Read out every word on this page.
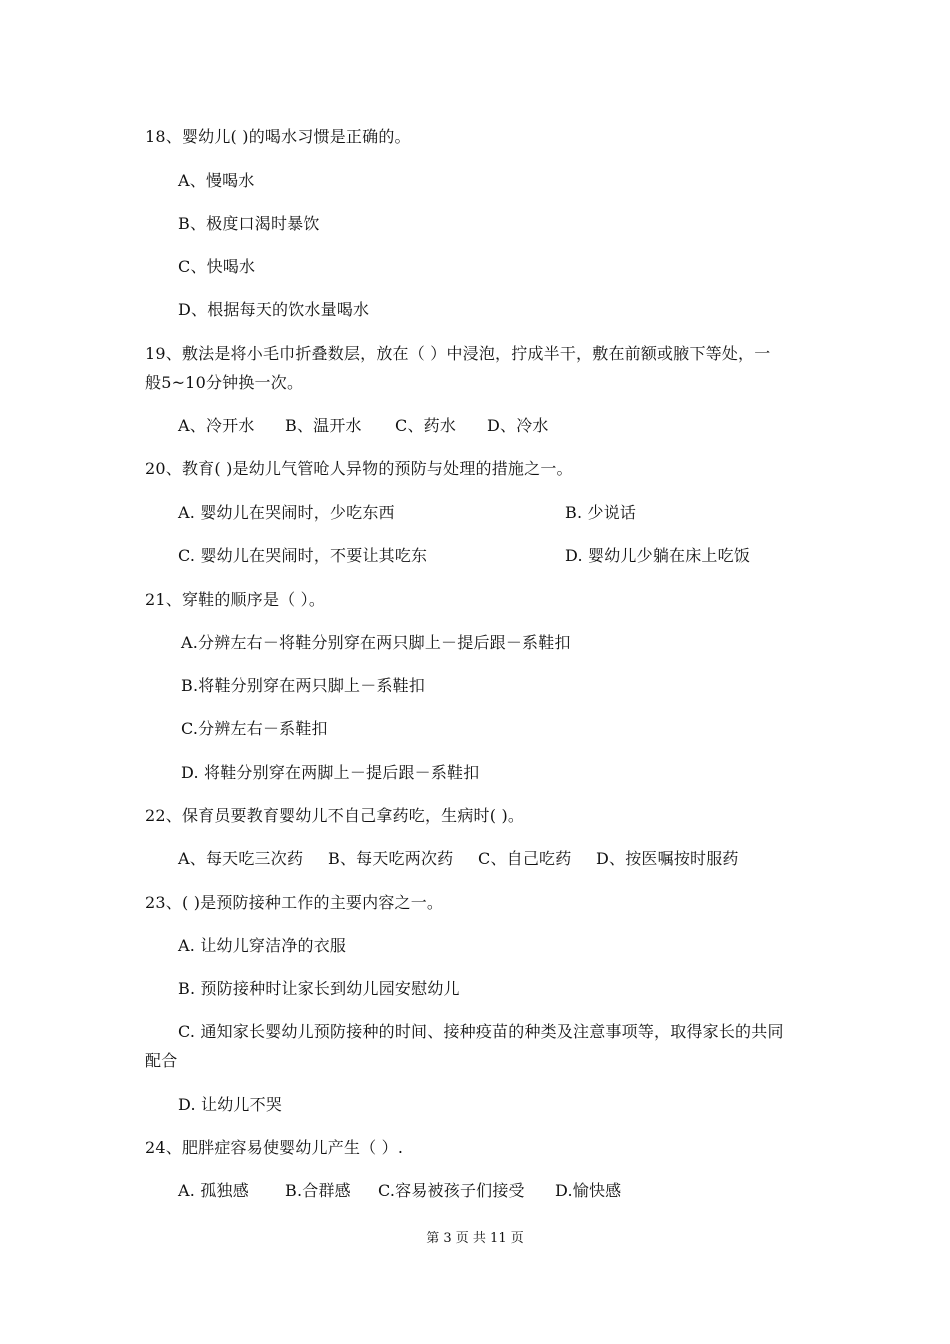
18、婴幼儿( )的喝水习惯是正确的。
A、慢喝水
B、极度口渴时暴饮
C、快喝水
D、根据每天的饮水量喝水
19、敷法是将小毛巾折叠数层，放在（ ）中浸泡，拧成半干，敷在前额或腋下等处，一
般5~10分钟换一次。
A、冷开水 B、温开水 C、药水 D、冷水
20、教育( )是幼儿气管呛人异物的预防与处理的措施之一。
A. 婴幼儿在哭闹时，少吃东西	B. 少说话
C. 婴幼儿在哭闹时，不要让其吃东	D. 婴幼儿少躺在床上吃饭
21、穿鞋的顺序是（ ）。
A.分辨左右－将鞋分别穿在两只脚上－提后跟－系鞋扣
B.将鞋分别穿在两只脚上－系鞋扣
C.分辨左右－系鞋扣
D. 将鞋分别穿在两脚上－提后跟－系鞋扣
22、保育员要教育婴幼儿不自己拿药吃，生病时( )。
A、每天吃三次药 B、每天吃两次药 C、自己吃药 D、按医嘱按时服药
23、( )是预防接种工作的主要内容之一。
A. 让幼儿穿洁净的衣服
B. 预防接种时让家长到幼儿园安慰幼儿
C. 通知家长婴幼儿预防接种的时间、接种疫苗的种类及注意事项等，取得家长的共同
配合
D. 让幼儿不哭
24、肥胖症容易使婴幼儿产生（ ）.
A. 孤独感 B.合群感 C.容易被孩子们接受 D.愉快感
第 3 页 共 11 页
